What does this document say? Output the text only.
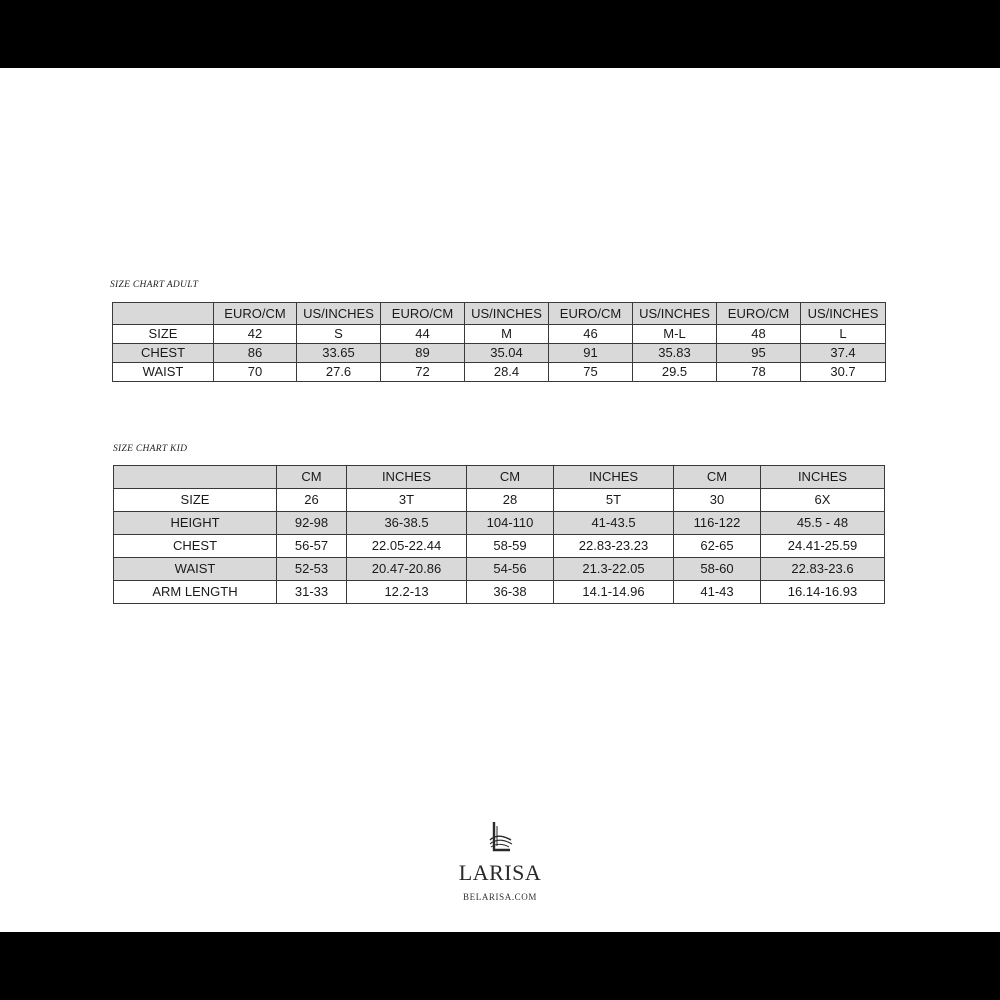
SIZE CHART ADULT
	EURO/CM	US/INCHES	EURO/CM	US/INCHES	EURO/CM	US/INCHES	EURO/CM	US/INCHES
SIZE	42	S	44	M	46	M-L	48	L
CHEST	86	33.65	89	35.04	91	35.83	95	37.4
WAIST	70	27.6	72	28.4	75	29.5	78	30.7
SIZE CHART KID
	CM	INCHES	CM	INCHES	CM	INCHES
SIZE	26	3T	28	5T	30	6X
HEIGHT	92-98	36-38.5	104-110	41-43.5	116-122	45.5 - 48
CHEST	56-57	22.05-22.44	58-59	22.83-23.23	62-65	24.41-25.59
WAIST	52-53	20.47-20.86	54-56	21.3-22.05	58-60	22.83-23.6
ARM LENGTH	31-33	12.2-13	36-38	14.1-14.96	41-43	16.14-16.93
LARISA
BELARISA.COM
